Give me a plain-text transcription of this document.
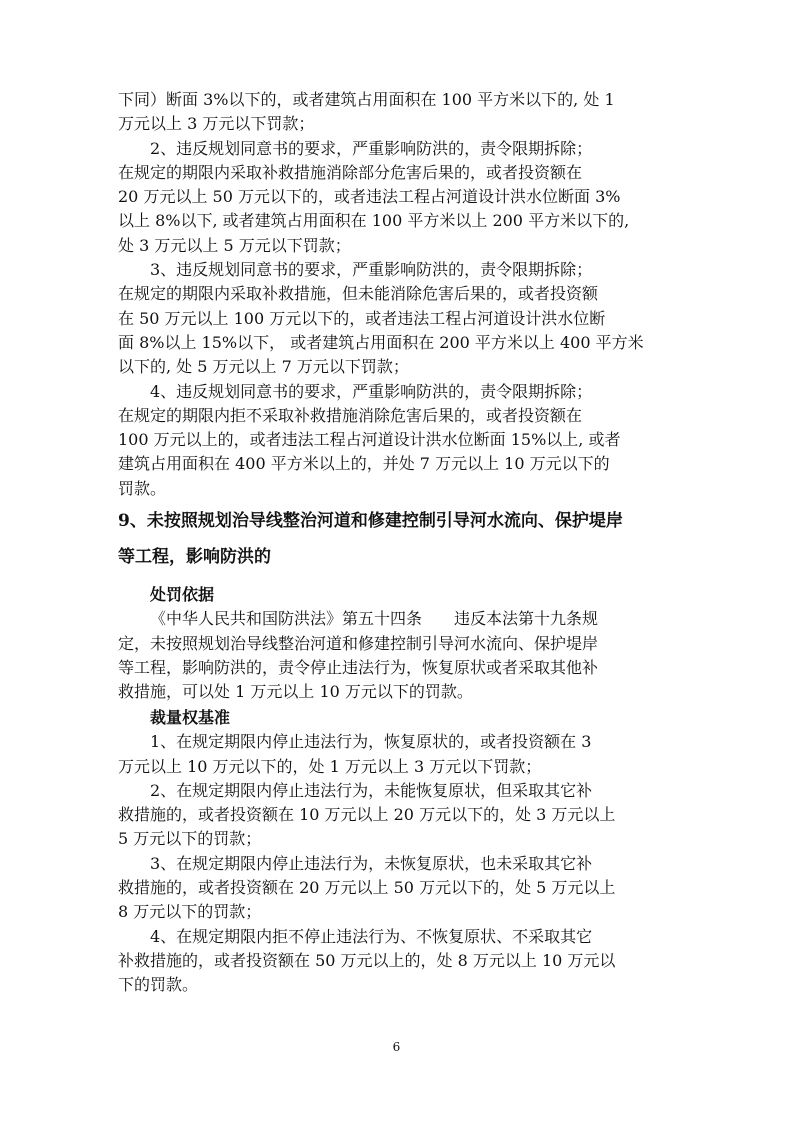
下同）断面 3%以下的，或者建筑占用面积在 100 平方米以下的, 处 1
万元以上 3 万元以下罚款；
2、违反规划同意书的要求，严重影响防洪的，责令限期拆除；
在规定的期限内采取补救措施消除部分危害后果的，或者投资额在
20 万元以上 50 万元以下的，或者违法工程占河道设计洪水位断面 3%
以上 8%以下, 或者建筑占用面积在 100 平方米以上 200 平方米以下的,
处 3 万元以上 5 万元以下罚款；
3、违反规划同意书的要求，严重影响防洪的，责令限期拆除；
在规定的期限内采取补救措施，但未能消除危害后果的，或者投资额
在 50 万元以上 100 万元以下的，或者违法工程占河道设计洪水位断
面 8%以上 15%以下， 或者建筑占用面积在 200 平方米以上 400 平方米
以下的, 处 5 万元以上 7 万元以下罚款；
4、违反规划同意书的要求，严重影响防洪的，责令限期拆除；
在规定的期限内拒不采取补救措施消除危害后果的，或者投资额在
100 万元以上的，或者违法工程占河道设计洪水位断面 15%以上, 或者
建筑占用面积在 400 平方米以上的，并处 7 万元以上 10 万元以下的
罚款。
9、未按照规划治导线整治河道和修建控制引导河水流向、保护堤岸
等工程，影响防洪的
处罚依据
《中华人民共和国防洪法》第五十四条　　违反本法第十九条规
定，未按照规划治导线整治河道和修建控制引导河水流向、保护堤岸
等工程，影响防洪的，责令停止违法行为，恢复原状或者采取其他补
救措施，可以处 1 万元以上 10 万元以下的罚款。
裁量权基准
1、在规定期限内停止违法行为，恢复原状的，或者投资额在 3
万元以上 10 万元以下的，处 1 万元以上 3 万元以下罚款；
2、在规定期限内停止违法行为，未能恢复原状，但采取其它补
救措施的，或者投资额在 10 万元以上 20 万元以下的，处 3 万元以上
5 万元以下的罚款；
3、在规定期限内停止违法行为，未恢复原状，也未采取其它补
救措施的，或者投资额在 20 万元以上 50 万元以下的，处 5 万元以上
8 万元以下的罚款；
4、在规定期限内拒不停止违法行为、不恢复原状、不采取其它
补救措施的，或者投资额在 50 万元以上的，处 8 万元以上 10 万元以
下的罚款。
6
